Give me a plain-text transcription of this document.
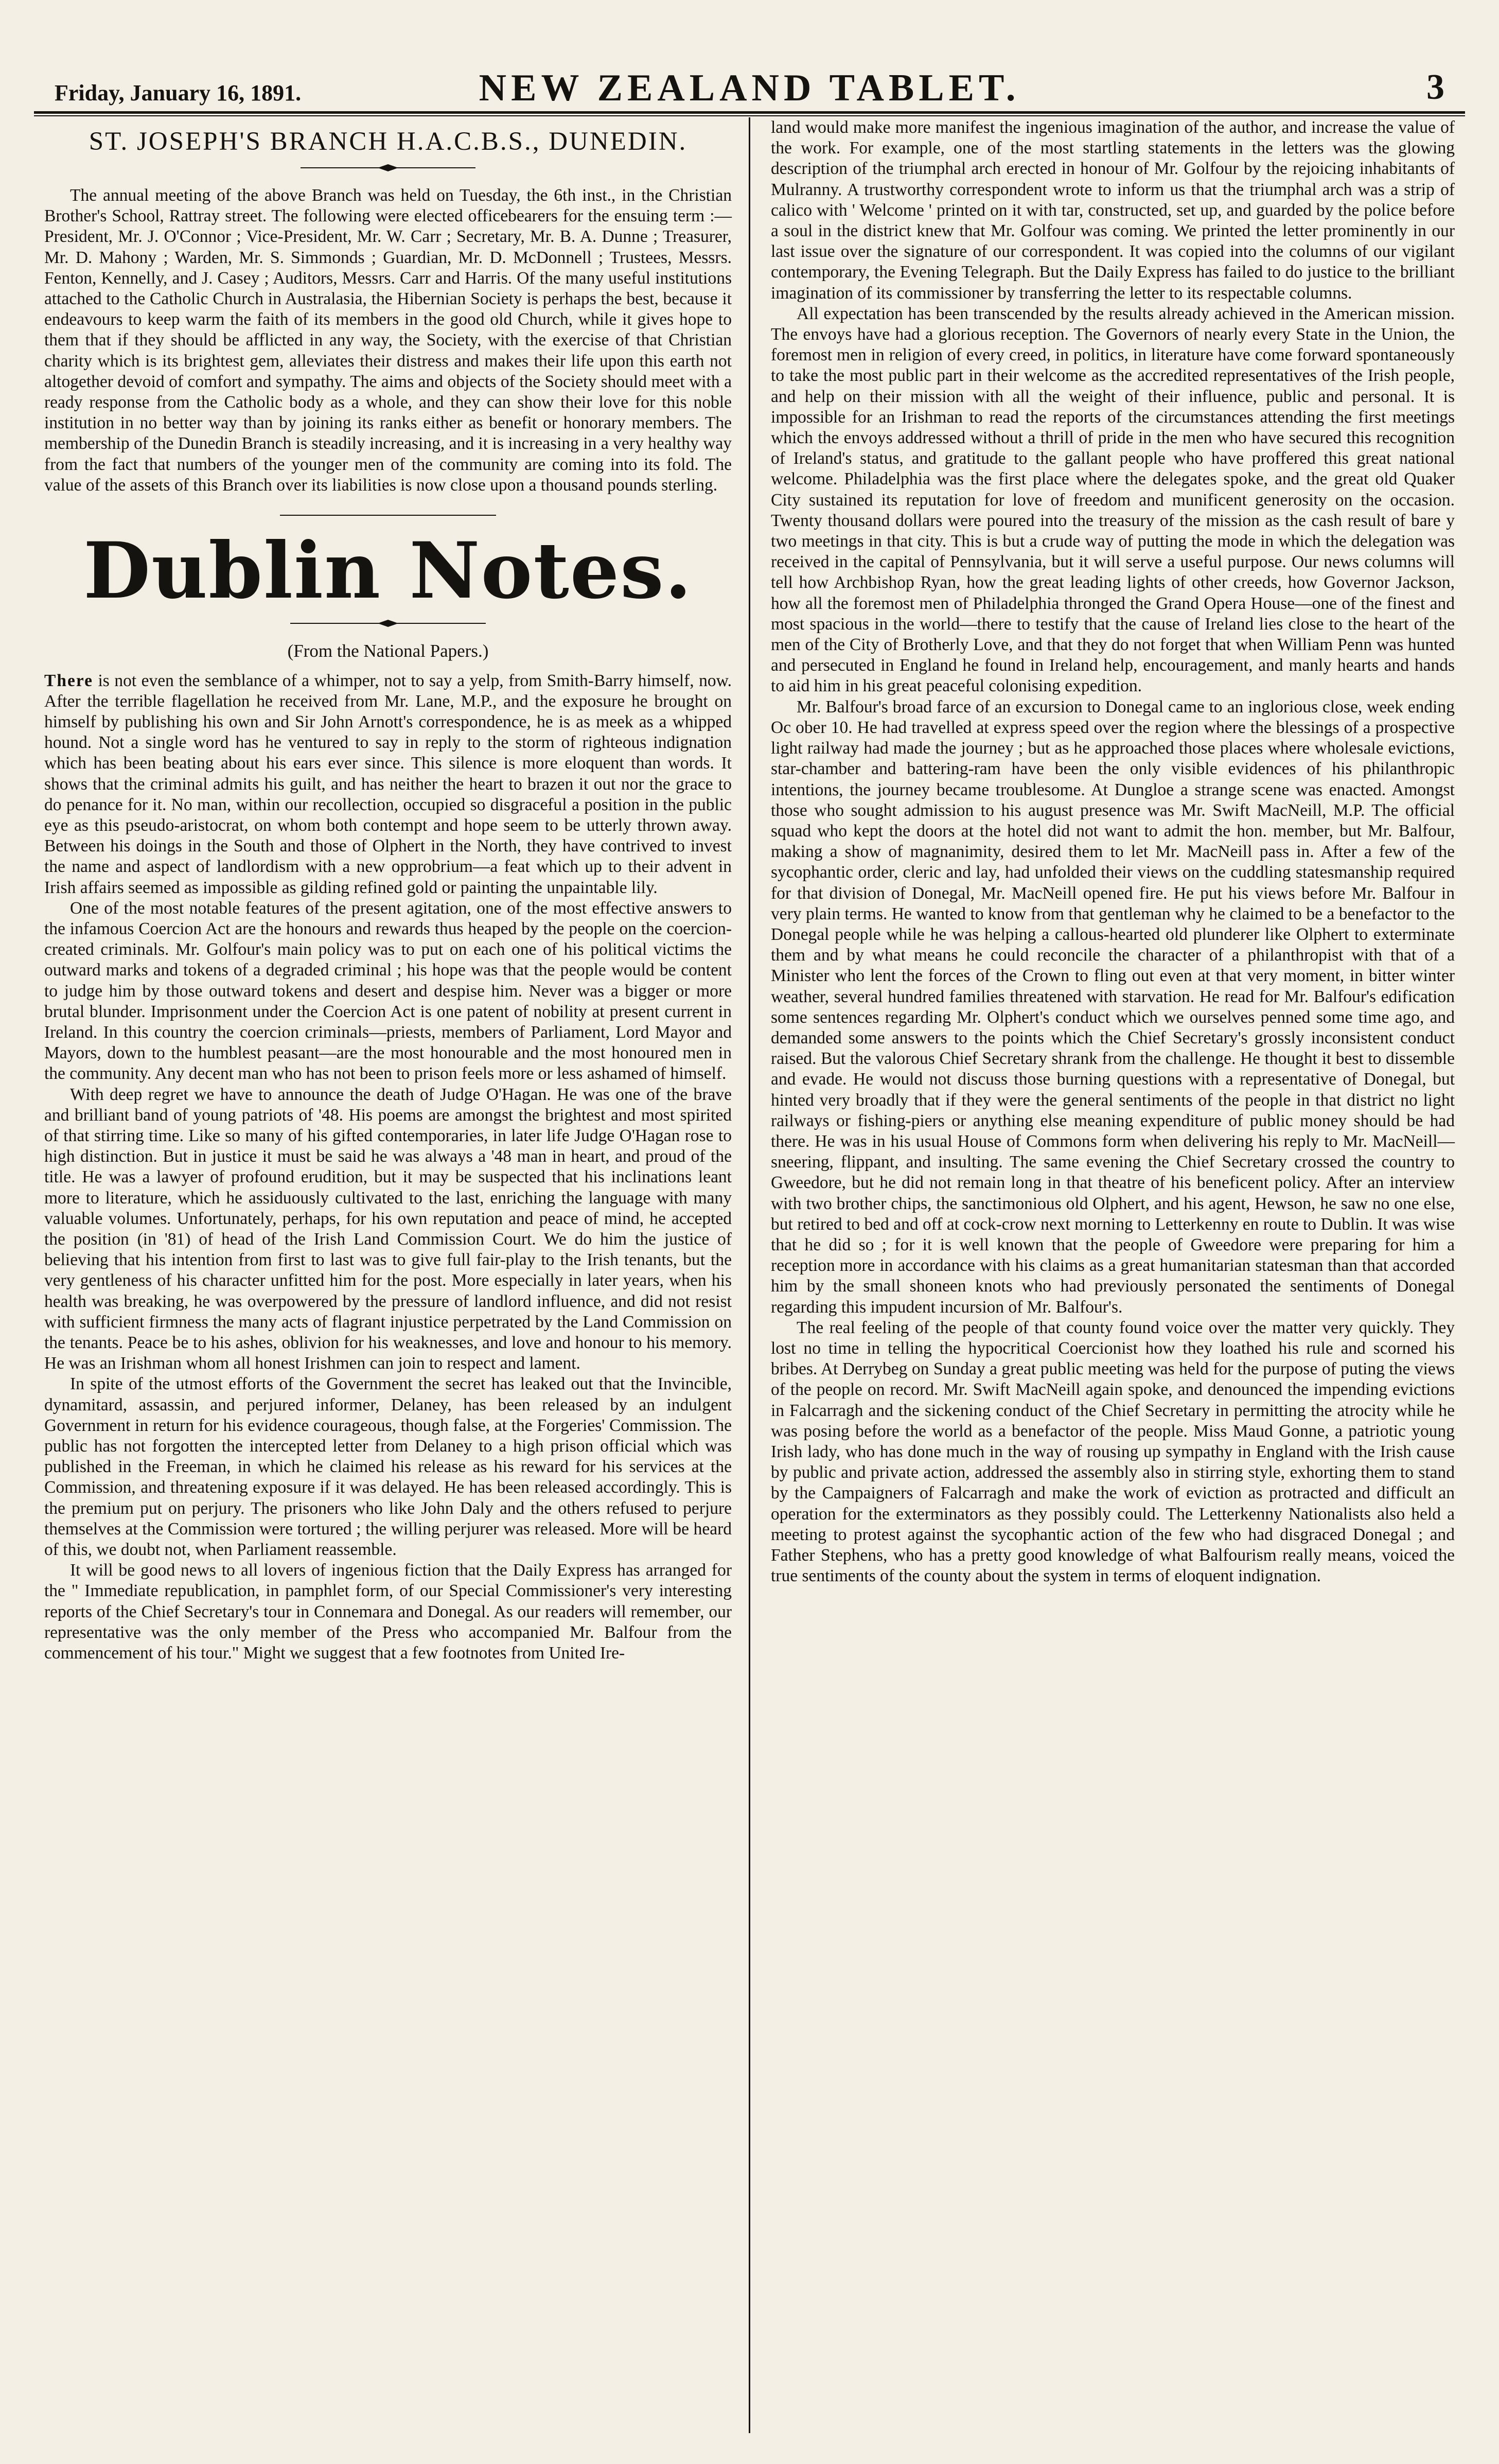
Friday, January 16, 1891.	NEW ZEALAND TABLET.	3
ST. JOSEPH'S BRANCH H.A.C.B.S., DUNEDIN.

The annual meeting of the above Branch was held on Tuesday, the 6th inst., in the Christian Brother's School, Rattray street. The following were elected officebearers for the ensuing term :—President, Mr. J. O'Connor ; Vice-President, Mr. W. Carr ; Secretary, Mr. B. A. Dunne ; Treasurer, Mr. D. Mahony ; Warden, Mr. S. Simmonds ; Guardian, Mr. D. McDonnell ; Trustees, Messrs. Fenton, Kennelly, and J. Casey ; Auditors, Messrs. Carr and Harris. Of the many useful institutions attached to the Catholic Church in Australasia, the Hibernian Society is perhaps the best, because it endeavours to keep warm the faith of its members in the good old Church, while it gives hope to them that if they should be afflicted in any way, the Society, with the exercise of that Christian charity which is its brightest gem, alleviates their distress and makes their life upon this earth not altogether devoid of comfort and sympathy. The aims and objects of the Society should meet with a ready response from the Catholic body as a whole, and they can show their love for this noble institution in no better way than by joining its ranks either as benefit or honorary members. The membership of the Dunedin Branch is steadily increasing, and it is increasing in a very healthy way from the fact that numbers of the younger men of the community are coming into its fold. The value of the assets of this Branch over its liabilities is now close upon a thousand pounds sterling.

Dublin Notes.
(From the National Papers.)

There is not even the semblance of a whimper, not to say a yelp, from Smith-Barry himself, now. After the terrible flagellation he received from Mr. Lane, M.P., and the exposure he brought on himself by publishing his own and Sir John Arnott's correspondence, he is as meek as a whipped hound. Not a single word has he ventured to say in reply to the storm of righteous indignation which has been beating about his ears ever since. This silence is more eloquent than words. It shows that the criminal admits his guilt, and has neither the heart to brazen it out nor the grace to do penance for it. No man, within our recollection, occupied so disgraceful a position in the public eye as this pseudo-aristocrat, on whom both contempt and hope seem to be utterly thrown away. Between his doings in the South and those of Olphert in the North, they have contrived to invest the name and aspect of landlordism with a new opprobrium—a feat which up to their advent in Irish affairs seemed as impossible as gilding refined gold or painting the unpaintable lily.

One of the most notable features of the present agitation, one of the most effective answers to the infamous Coercion Act are the honours and rewards thus heaped by the people on the coercion-created criminals. Mr. Golfour's main policy was to put on each one of his political victims the outward marks and tokens of a degraded criminal ; his hope was that the people would be content to judge him by those outward tokens and desert and despise him. Never was a bigger or more brutal blunder. Imprisonment under the Coercion Act is one patent of nobility at present current in Ireland. In this country the coercion criminals—priests, members of Parliament, Lord Mayor and Mayors, down to the humblest peasant—are the most honourable and the most honoured men in the community. Any decent man who has not been to prison feels more or less ashamed of himself.

With deep regret we have to announce the death of Judge O'Hagan. He was one of the brave and brilliant band of young patriots of '48. His poems are amongst the brightest and most spirited of that stirring time. Like so many of his gifted contemporaries, in later life Judge O'Hagan rose to high distinction. But in justice it must be said he was always a '48 man in heart, and proud of the title. He was a lawyer of profound erudition, but it may be suspected that his inclinations leant more to literature, which he assiduously cultivated to the last, enriching the language with many valuable volumes. Unfortunately, perhaps, for his own reputation and peace of mind, he accepted the position (in '81) of head of the Irish Land Commission Court. We do him the justice of believing that his intention from first to last was to give full fair-play to the Irish tenants, but the very gentleness of his character unfitted him for the post. More especially in later years, when his health was breaking, he was overpowered by the pressure of landlord influence, and did not resist with sufficient firmness the many acts of flagrant injustice perpetrated by the Land Commission on the tenants. Peace be to his ashes, oblivion for his weaknesses, and love and honour to his memory. He was an Irishman whom all honest Irishmen can join to respect and lament.

In spite of the utmost efforts of the Government the secret has leaked out that the Invincible, dynamitard, assassin, and perjured informer, Delaney, has been released by an indulgent Government in return for his evidence courageous, though false, at the Forgeries' Commission. The public has not forgotten the intercepted letter from Delaney to a high prison official which was published in the Freeman, in which he claimed his release as his reward for his services at the Commission, and threatening exposure if it was delayed. He has been released accordingly. This is the premium put on perjury. The prisoners who like John Daly and the others refused to perjure themselves at the Commission were tortured ; the willing perjurer was released. More will be heard of this, we doubt not, when Parliament reassemble.

It will be good news to all lovers of ingenious fiction that the Daily Express has arranged for the " Immediate republication, in pamphlet form, of our Special Commissioner's very interesting reports of the Chief Secretary's tour in Connemara and Donegal. As our readers will remember, our representative was the only member of the Press who accompanied Mr. Balfour from the commencement of his tour." Might we suggest that a few footnotes from United Ire-

land would make more manifest the ingenious imagination of the author, and increase the value of the work. For example, one of the most startling statements in the letters was the glowing description of the triumphal arch erected in honour of Mr. Golfour by the rejoicing inhabitants of Mulranny. A trustworthy correspondent wrote to inform us that the triumphal arch was a strip of calico with ' Welcome ' printed on it with tar, constructed, set up, and guarded by the police before a soul in the district knew that Mr. Golfour was coming. We printed the letter prominently in our last issue over the signature of our correspondent. It was copied into the columns of our vigilant contemporary, the Evening Telegraph. But the Daily Express has failed to do justice to the brilliant imagination of its commissioner by transferring the letter to its respectable columns.

All expectation has been transcended by the results already achieved in the American mission. The envoys have had a glorious reception. The Governors of nearly every State in the Union, the foremost men in religion of every creed, in politics, in literature have come forward spontaneously to take the most public part in their welcome as the accredited representatives of the Irish people, and help on their mission with all the weight of their influence, public and personal. It is impossible for an Irishman to read the reports of the circumstances attending the first meetings which the envoys addressed without a thrill of pride in the men who have secured this recognition of Ireland's status, and gratitude to the gallant people who have proffered this great national welcome. Philadelphia was the first place where the delegates spoke, and the great old Quaker City sustained its reputation for love of freedom and munificent generosity on the occasion. Twenty thousand dollars were poured into the treasury of the mission as the cash result of bare y two meetings in that city. This is but a crude way of putting the mode in which the delegation was received in the capital of Pennsylvania, but it will serve a useful purpose. Our news columns will tell how Archbishop Ryan, how the great leading lights of other creeds, how Governor Jackson, how all the foremost men of Philadelphia thronged the Grand Opera House—one of the finest and most spacious in the world—there to testify that the cause of Ireland lies close to the heart of the men of the City of Brotherly Love, and that they do not forget that when William Penn was hunted and persecuted in England he found in Ireland help, encouragement, and manly hearts and hands to aid him in his great peaceful colonising expedition.

Mr. Balfour's broad farce of an excursion to Donegal came to an inglorious close, week ending Oc ober 10. He had travelled at express speed over the region where the blessings of a prospective light railway had made the journey ; but as he approached those places where wholesale evictions, star-chamber and battering-ram have been the only visible evidences of his philanthropic intentions, the journey became troublesome. At Dungloe a strange scene was enacted. Amongst those who sought admission to his august presence was Mr. Swift MacNeill, M.P. The official squad who kept the doors at the hotel did not want to admit the hon. member, but Mr. Balfour, making a show of magnanimity, desired them to let Mr. MacNeill pass in. After a few of the sycophantic order, cleric and lay, had unfolded their views on the cuddling statesmanship required for that division of Donegal, Mr. MacNeill opened fire. He put his views before Mr. Balfour in very plain terms. He wanted to know from that gentleman why he claimed to be a benefactor to the Donegal people while he was helping a callous-hearted old plunderer like Olphert to exterminate them and by what means he could reconcile the character of a philanthropist with that of a Minister who lent the forces of the Crown to fling out even at that very moment, in bitter winter weather, several hundred families threatened with starvation. He read for Mr. Balfour's edification some sentences regarding Mr. Olphert's conduct which we ourselves penned some time ago, and demanded some answers to the points which the Chief Secretary's grossly inconsistent conduct raised. But the valorous Chief Secretary shrank from the challenge. He thought it best to dissemble and evade. He would not discuss those burning questions with a representative of Donegal, but hinted very broadly that if they were the general sentiments of the people in that district no light railways or fishing-piers or anything else meaning expenditure of public money should be had there. He was in his usual House of Commons form when delivering his reply to Mr. MacNeill—sneering, flippant, and insulting. The same evening the Chief Secretary crossed the country to Gweedore, but he did not remain long in that theatre of his beneficent policy. After an interview with two brother chips, the sanctimonious old Olphert, and his agent, Hewson, he saw no one else, but retired to bed and off at cock-crow next morning to Letterkenny en route to Dublin. It was wise that he did so ; for it is well known that the people of Gweedore were preparing for him a reception more in accordance with his claims as a great humanitarian statesman than that accorded him by the small shoneen knots who had previously personated the sentiments of Donegal regarding this impudent incursion of Mr. Balfour's.

The real feeling of the people of that county found voice over the matter very quickly. They lost no time in telling the hypocritical Coercionist how they loathed his rule and scorned his bribes. At Derrybeg on Sunday a great public meeting was held for the purpose of puting the views of the people on record. Mr. Swift MacNeill again spoke, and denounced the impending evictions in Falcarragh and the sickening conduct of the Chief Secretary in permitting the atrocity while he was posing before the world as a benefactor of the people. Miss Maud Gonne, a patriotic young Irish lady, who has done much in the way of rousing up sympathy in England with the Irish cause by public and private action, addressed the assembly also in stirring style, exhorting them to stand by the Campaigners of Falcarragh and make the work of eviction as protracted and difficult an operation for the exterminators as they possibly could. The Letterkenny Nationalists also held a meeting to protest against the sycophantic action of the few who had disgraced Donegal ; and Father Stephens, who has a pretty good knowledge of what Balfourism really means, voiced the true sentiments of the county about the system in terms of eloquent indignation.
